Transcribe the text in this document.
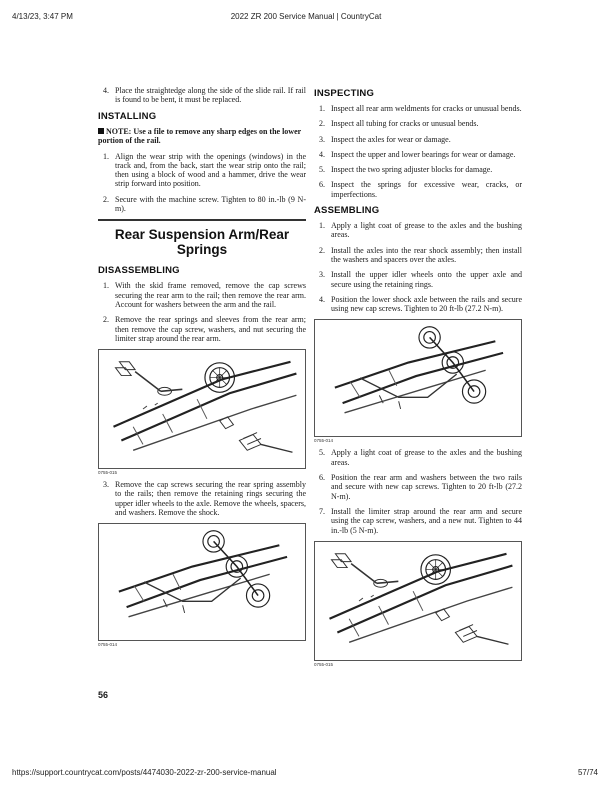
4/13/23, 3:47 PM	2022 ZR 200 Service Manual | CountryCat
4. Place the straightedge along the side of the slide rail. If rail is found to be bent, it must be replaced.
INSTALLING
NOTE: Use a file to remove any sharp edges on the lower portion of the rail.
1. Align the wear strip with the openings (windows) in the track and, from the back, start the wear strip onto the rail; then using a block of wood and a hammer, drive the wear strip forward into position.
2. Secure with the machine screw. Tighten to 80 in.-lb (9 N-m).
Rear Suspension Arm/Rear Springs
DISASSEMBLING
1. With the skid frame removed, remove the cap screws securing the rear arm to the rail; then remove the rear arm. Account for washers between the arm and the rail.
2. Remove the rear springs and sleeves from the rear arm; then remove the cap screw, washers, and nut securing the limiter strap around the rear arm.
0755-015
3. Remove the cap screws securing the rear spring assembly to the rails; then remove the retaining rings securing the upper idler wheels to the axle. Remove the wheels, spacers, and washers. Remove the shock.
0755-014
56
INSPECTING
1. Inspect all rear arm weldments for cracks or unusual bends.
2. Inspect all tubing for cracks or unusual bends.
3. Inspect the axles for wear or damage.
4. Inspect the upper and lower bearings for wear or damage.
5. Inspect the two spring adjuster blocks for damage.
6. Inspect the springs for excessive wear, cracks, or imperfections.
ASSEMBLING
1. Apply a light coat of grease to the axles and the bushing areas.
2. Install the axles into the rear shock assembly; then install the washers and spacers over the axles.
3. Install the upper idler wheels onto the upper axle and secure using the retaining rings.
4. Position the lower shock axle between the rails and secure using new cap screws. Tighten to 20 ft-lb (27.2 N-m).
0755-014
5. Apply a light coat of grease to the axles and the bushing areas.
6. Position the rear arm and washers between the two rails and secure with new cap screws. Tighten to 20 ft-lb (27.2 N-m).
7. Install the limiter strap around the rear arm and secure using the cap screw, washers, and a new nut. Tighten to 44 in.-lb (5 N-m).
0755-015
https://support.countrycat.com/posts/4474030-2022-zr-200-service-manual	57/74
